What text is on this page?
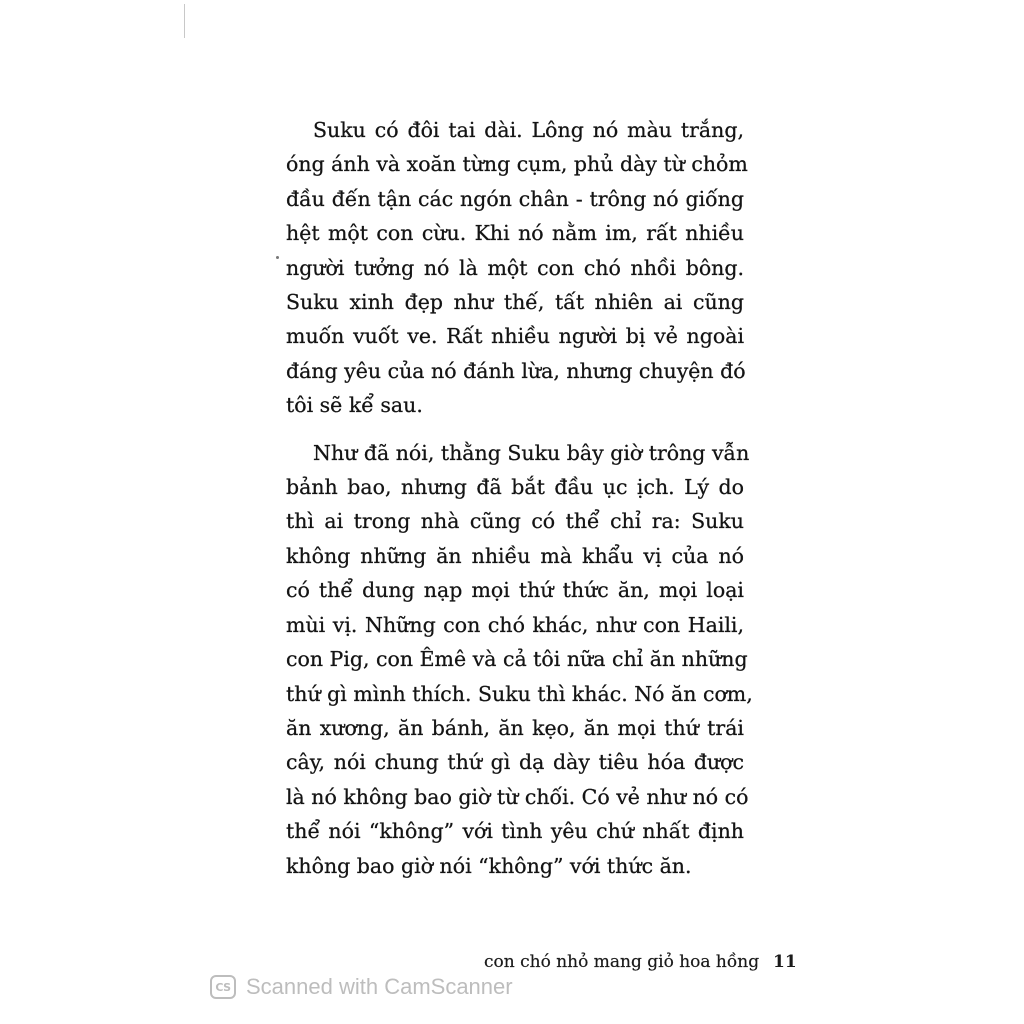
Suku có đôi tai dài. Lông nó màu trắng,
óng ánh và xoăn từng cụm, phủ dày từ chỏm
đầu đến tận các ngón chân - trông nó giống
hệt một con cừu. Khi nó nằm im, rất nhiều
người tưởng nó là một con chó nhồi bông.
Suku xinh đẹp như thế, tất nhiên ai cũng
muốn vuốt ve. Rất nhiều người bị vẻ ngoài
đáng yêu của nó đánh lừa, nhưng chuyện đó
tôi sẽ kể sau.
Như đã nói, thằng Suku bây giờ trông vẫn
bảnh bao, nhưng đã bắt đầu ục ịch. Lý do
thì ai trong nhà cũng có thể chỉ ra: Suku
không những ăn nhiều mà khẩu vị của nó
có thể dung nạp mọi thứ thức ăn, mọi loại
mùi vị. Những con chó khác, như con Haili,
con Pig, con Êmê và cả tôi nữa chỉ ăn những
thứ gì mình thích. Suku thì khác. Nó ăn cơm,
ăn xương, ăn bánh, ăn kẹo, ăn mọi thứ trái
cây, nói chung thứ gì dạ dày tiêu hóa được
là nó không bao giờ từ chối. Có vẻ như nó có
thể nói “không” với tình yêu chứ nhất định
không bao giờ nói “không” với thức ăn.
con chó nhỏ mang giỏ hoa hồng 11
CS Scanned with CamScanner
